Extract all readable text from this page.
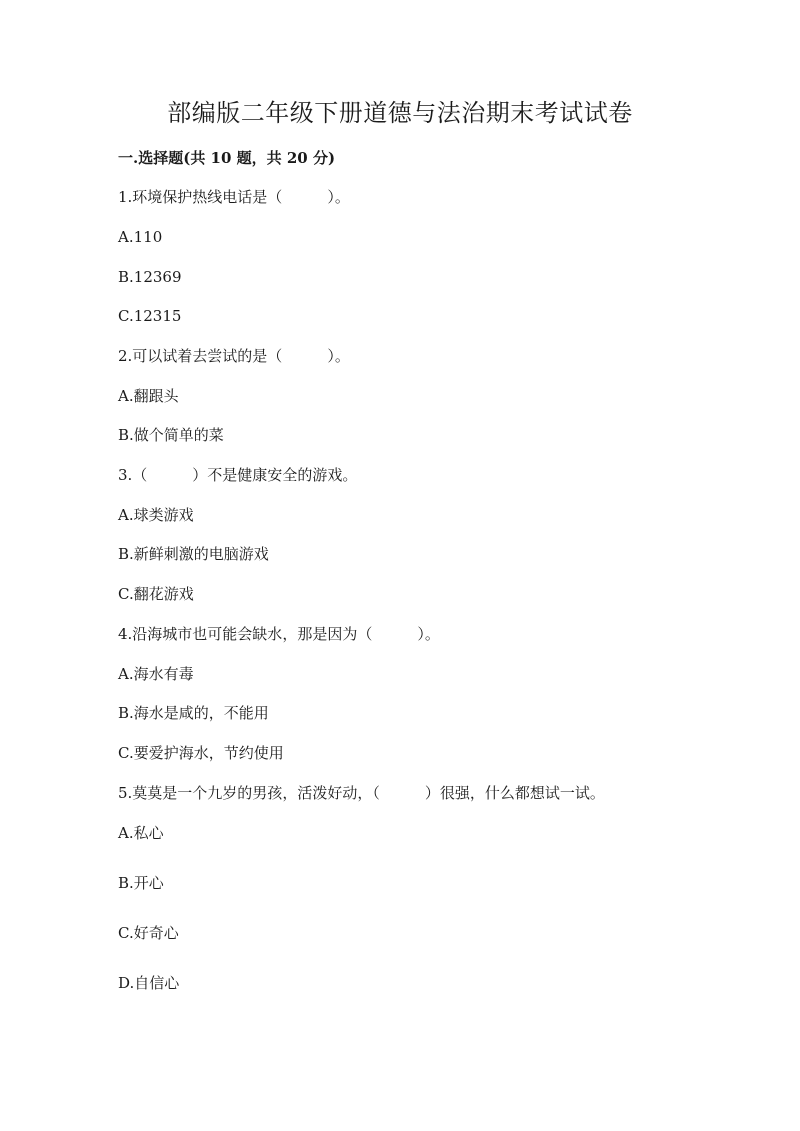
部编版二年级下册道德与法治期末考试试卷
一.选择题(共 10 题，共 20 分)
1.环境保护热线电话是（　　　）。
A.110
B.12369
C.12315
2.可以试着去尝试的是（　　　）。
A.翻跟头
B.做个简单的菜
3.（　　　）不是健康安全的游戏。
A.球类游戏
B.新鲜刺激的电脑游戏
C.翻花游戏
4.沿海城市也可能会缺水，那是因为（　　　）。
A.海水有毒
B.海水是咸的，不能用
C.要爱护海水，节约使用
5.莫莫是一个九岁的男孩，活泼好动，（　　　）很强，什么都想试一试。
A.私心
B.开心
C.好奇心
D.自信心
